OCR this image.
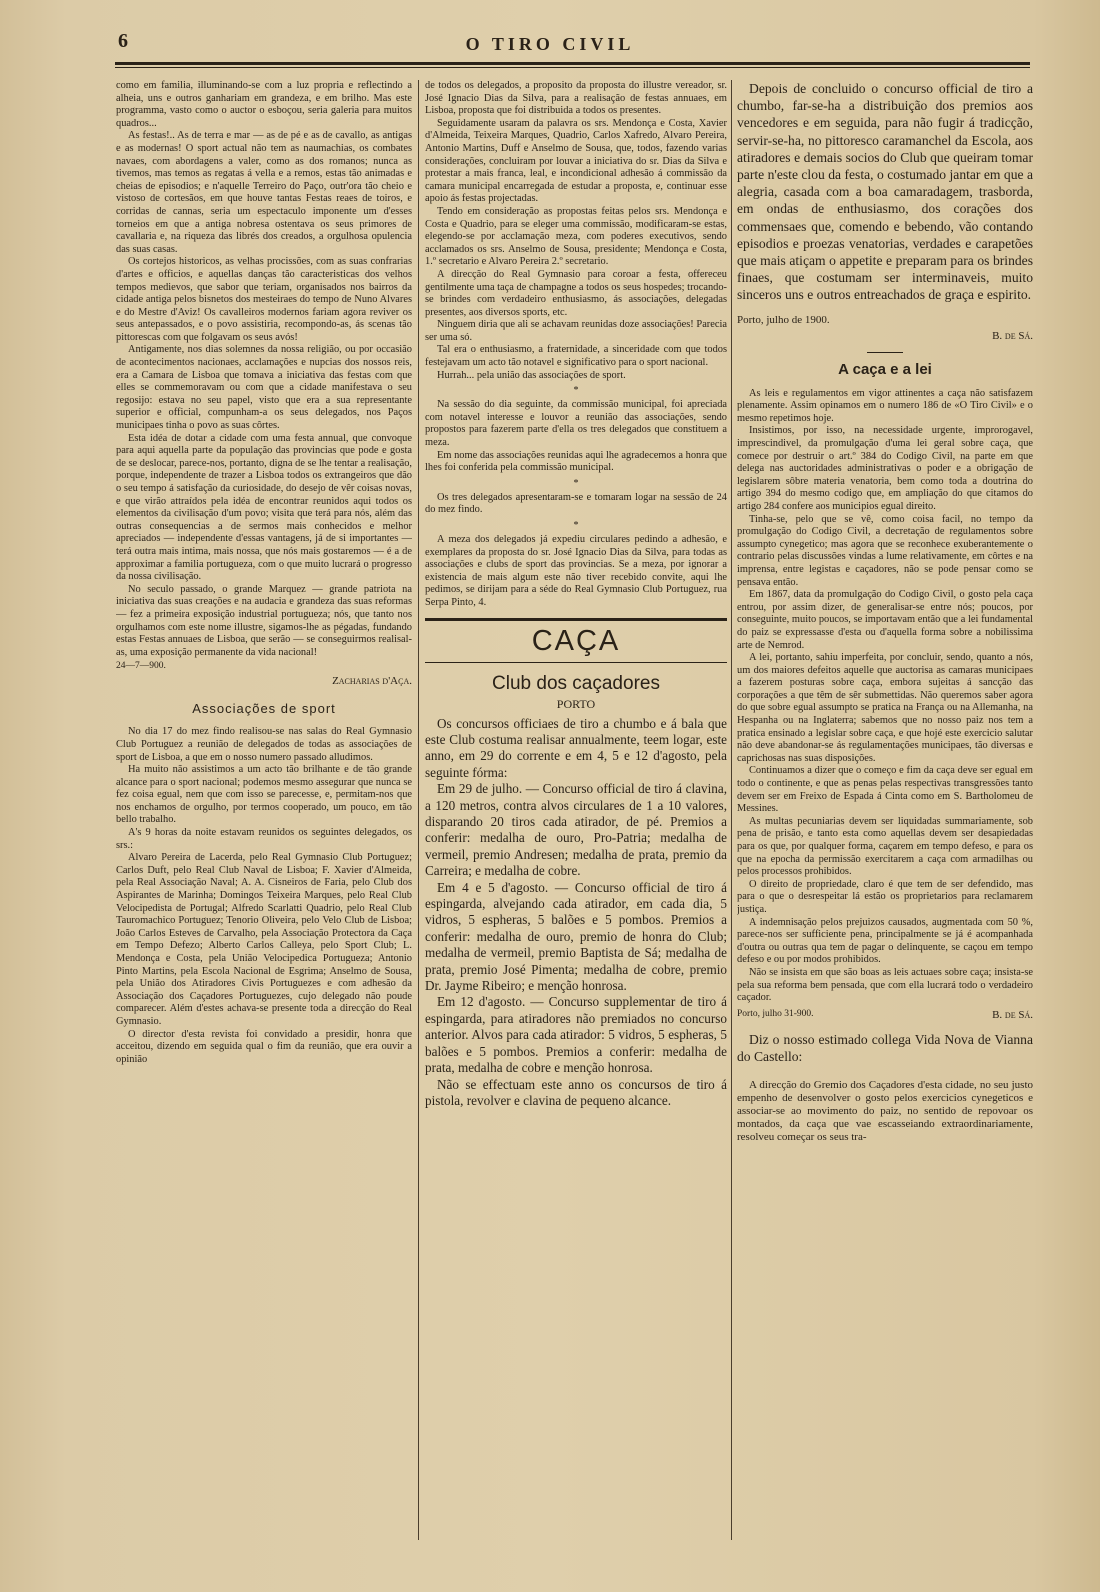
6	O TIRO CIVIL

como em familia, illuminando-se com a luz propria e reflectindo a alheia, uns e outros ganhariam em grandeza, e em brilho. Mas este programma, vasto como o auctor o esboçou, seria galeria para muitos quadros...

As festas!.. As de terra e mar — as de pé e as de cavallo, as antigas e as modernas! O sport actual não tem as naumachias, os combates navaes, com abordagens a valer, como as dos romanos; nunca as tivemos, mas temos as regatas á vella e a remos, estas tão animadas e cheias de episodios; e n'aquelle Terreiro do Paço, outr'ora tão cheio e vistoso de cortesãos, em que houve tantas Festas reaes de toiros, e corridas de cannas, seria um espectaculo imponente um d'esses torneios em que a antiga nobresa ostentava os seus primores de cavallaria e, na riqueza das librés dos creados, a orgulhosa opulencia das suas casas.

Os cortejos historicos, as velhas procissões, com as suas confrarias d'artes e officios, e aquellas danças tão caracteristicas dos velhos tempos medievos, que sabor que teriam, organisados nos bairros da cidade antiga pelos bisnetos dos mesteiraes do tempo de Nuno Alvares e do Mestre d'Aviz! Os cavalleiros modernos fariam agora reviver os seus antepassados, e o povo assistiria, recompondo-as, ás scenas tão pittorescas com que folgavam os seus avós!

Antigamente, nos dias solemnes da nossa religião, ou por occasião de acontecimentos nacionaes, acclamações e nupcias dos nossos reis, era a Camara de Lisboa que tomava a iniciativa das festas com que elles se commemoravam ou com que a cidade manifestava o seu regosijo: estava no seu papel, visto que era a sua representante superior e official, compunham-a os seus delegados, nos Paços municipaes tinha o povo as suas côrtes.

Esta idéa de dotar a cidade com uma festa annual, que convoque para aqui aquella parte da população das provincias que pode e gosta de se deslocar, parece-nos, portanto, digna de se lhe tentar a realisação, porque, independente de trazer a Lisboa todos os extrangeiros que dão o seu tempo á satisfação da curiosidade, do desejo de vêr coisas novas, e que virão attraídos pela idéa de encontrar reunidos aqui todos os elementos da civilisação d'um povo; visita que terá para nós, além das outras consequencias a de sermos mais conhecidos e melhor apreciados — independente d'essas vantagens, já de si importantes — terá outra mais intima, mais nossa, que nós mais gostaremos — é a de approximar a familia portugueza, com o que muito lucrará o progresso da nossa civilisação.

No seculo passado, o grande Marquez — grande patriota na iniciativa das suas creações e na audacia e grandeza das suas reformas — fez a primeira exposição industrial portugueza; nós, que tanto nos orgulhamos com este nome illustre, sigamos-lhe as pégadas, fundando estas Festas annuaes de Lisboa, que serão — se conseguirmos realisal-as, uma exposição permanente da vida nacional!

24—7—900.
Zacharias d'Aça.
Associações de sport

No dia 17 do mez findo realisou-se nas salas do Real Gymnasio Club Portuguez a reunião de delegados de todas as associações de sport de Lisboa, a que em o nosso numero passado alludimos.

Ha muito não assistimos a um acto tão brilhante e de tão grande alcance para o sport nacional; podemos mesmo assegurar que nunca se fez coisa egual, nem que com isso se parecesse, e, permitam-nos que nos enchamos de orgulho, por termos cooperado, um pouco, em tão bello trabalho.

A's 9 horas da noite estavam reunidos os seguintes delegados, os srs.:

Alvaro Pereira de Lacerda, pelo Real Gymnasio Club Portuguez; Carlos Duft, pelo Real Club Naval de Lisboa; F. Xavier d'Almeida, pela Real Associação Naval; A. A. Cisneiros de Faria, pelo Club dos Aspirantes de Marinha; Domingos Teixeira Marques, pelo Real Club Velocipedista de Portugal; Alfredo Scarlatti Quadrio, pelo Real Club Tauromachico Portuguez; Tenorio Oliveira, pelo Velo Club de Lisboa; João Carlos Esteves de Carvalho, pela Associação Protectora da Caça em Tempo Defezo; Alberto Carlos Calleya, pelo Sport Club; L. Mendonça e Costa, pela União Velocipedica Portugueza; Antonio Pinto Martins, pela Escola Nacional de Esgrima; Anselmo de Sousa, pela União dos Atiradores Civis Portuguezes e com adhesão da Associação dos Caçadores Portuguezes, cujo delegado não poude comparecer. Além d'estes achava-se presente toda a direcção do Real Gymnasio.

O director d'esta revista foi convidado a presidir, honra que acceitou, dizendo em seguida qual o fim da reunião, que era ouvir a opinião

de todos os delegados, a proposito da proposta do illustre vereador, sr. José Ignacio Dias da Silva, para a realisação de festas annuaes, em Lisboa, proposta que foi distribuida a todos os presentes.

Seguidamente usaram da palavra os srs. Mendonça e Costa, Xavier d'Almeida, Teixeira Marques, Quadrio, Carlos Xafredo, Alvaro Pereira, Antonio Martins, Duff e Anselmo de Sousa, que, todos, fazendo varias considerações, concluiram por louvar a iniciativa do sr. Dias da Silva e protestar a mais franca, leal, e incondicional adhesão á commissão da camara municipal encarregada de estudar a proposta, e, continuar esse apoio ás festas projectadas.

Tendo em consideração as propostas feitas pelos srs. Mendonça e Costa e Quadrio, para se eleger uma commissão, modificaram-se estas, elegendo-se por acclamação meza, com poderes executivos, sendo acclamados os srs. Anselmo de Sousa, presidente; Mendonça e Costa, 1.º secretario e Alvaro Pereira 2.º secretario.

A direcção do Real Gymnasio para coroar a festa, offereceu gentilmente uma taça de champagne a todos os seus hospedes; trocando-se brindes com verdadeiro enthusiasmo, ás associações, delegadas presentes, aos diversos sports, etc.

Ninguem diria que ali se achavam reunidas doze associações! Parecia ser uma só.

Tal era o enthusiasmo, a fraternidade, a sinceridade com que todos festejavam um acto tão notavel e significativo para o sport nacional.

Hurrah... pela união das associações de sport.

*

Na sessão do dia seguinte, da commissão municipal, foi apreciada com notavel interesse e louvor a reunião das associações, sendo propostos para fazerem parte d'ella os tres delegados que constituem a meza.

Em nome das associações reunidas aqui lhe agradecemos a honra que lhes foi conferida pela commissão municipal.

*

Os tres delegados apresentaram-se e tomaram logar na sessão de 24 do mez findo.

*

A meza dos delegados já expediu circulares pedindo a adhesão, e exemplares da proposta do sr. José Ignacio Dias da Silva, para todas as associações e clubs de sport das provincias. Se a meza, por ignorar a existencia de mais algum este não tiver recebido convite, aqui lhe pedimos, se dirijam para a séde do Real Gymnasio Club Portuguez, rua Serpa Pinto, 4.

CAÇA
Club dos caçadores
PORTO

Os concursos officiaes de tiro a chumbo e á bala que este Club costuma realisar annualmente, teem logar, este anno, em 29 do corrente e em 4, 5 e 12 d'agosto, pela seguinte fórma:

Em 29 de julho. — Concurso official de tiro á clavina, a 120 metros, contra alvos circulares de 1 a 10 valores, disparando 20 tiros cada atirador, de pé. Premios a conferir: medalha de ouro, Pro-Patria; medalha de vermeil, premio Andresen; medalha de prata, premio da Carreira; e medalha de cobre.

Em 4 e 5 d'agosto. — Concurso official de tiro á espingarda, alvejando cada atirador, em cada dia, 5 vidros, 5 espheras, 5 balões e 5 pombos. Premios a conferir: medalha de ouro, premio de honra do Club; medalha de vermeil, premio Baptista de Sá; medalha de prata, premio José Pimenta; medalha de cobre, premio Dr. Jayme Ribeiro; e menção honrosa.

Em 12 d'agosto. — Concurso supplementar de tiro á espingarda, para atiradores não premiados no concurso anterior. Alvos para cada atirador: 5 vidros, 5 espheras, 5 balões e 5 pombos. Premios a conferir: medalha de prata, medalha de cobre e menção honrosa.

Não se effectuam este anno os concursos de tiro á pistola, revolver e clavina de pequeno alcance.

Depois de concluido o concurso official de tiro a chumbo, far-se-ha a distribuição dos premios aos vencedores e em seguida, para não fugir á tradicção, servir-se-ha, no pittoresco caramanchel da Escola, aos atiradores e demais socios do Club que queiram tomar parte n'este clou da festa, o costumado jantar em que a alegria, casada com a boa camaradagem, trasborda, em ondas de enthusiasmo, dos corações dos commensaes que, comendo e bebendo, vão contando episodios e proezas venatorias, verdades e carapetões que mais atiçam o appetite e preparam para os brindes finaes, que costumam ser interminaveis, muito sinceros uns e outros entreachados de graça e espirito.

Porto, julho de 1900.
B. de Sá.
A caça e a lei

As leis e regulamentos em vigor attinentes a caça não satisfazem plenamente. Assim opinamos em o numero 186 de «O Tiro Civil» e o mesmo repetimos hoje.

Insistimos, por isso, na necessidade urgente, improrogavel, imprescindivel, da promulgação d'uma lei geral sobre caça, que comece por destruir o art.º 384 do Codigo Civil, na parte em que delega nas auctoridades administrativas o poder e a obrigação de legislarem sôbre materia venatoria, bem como toda a doutrina do artigo 394 do mesmo codigo que, em ampliação do que citamos do artigo 284 confere aos municipios egual direito.

Tinha-se, pelo que se vê, como coisa facil, no tempo da promulgação do Codigo Civil, a decretação de regulamentos sobre assumpto cynegetico; mas agora que se reconhece exuberantemente o contrario pelas discussões vindas a lume relativamente, em côrtes e na imprensa, entre legistas e caçadores, não se pode pensar como se pensava então.

Em 1867, data da promulgação do Codigo Civil, o gosto pela caça entrou, por assim dizer, de generalisar-se entre nós; poucos, por conseguinte, muito poucos, se importavam então que a lei fundamental do paiz se expressasse d'esta ou d'aquella forma sobre a nobilissima arte de Nemrod.

A lei, portanto, sahiu imperfeita, por concluir, sendo, quanto a nós, um dos maiores defeitos aquelle que auctorisa as camaras municipaes a fazerem posturas sobre caça, embora sujeitas á sancção das corporações a que têm de sêr submettidas. Não queremos saber agora do que sobre egual assumpto se pratica na França ou na Allemanha, na Hespanha ou na Inglaterra; sabemos que no nosso paiz nos tem a pratica ensinado a legislar sobre caça, e que hojé este exercicio salutar não deve abandonar-se ás regulamentações municipaes, tão diversas e caprichosas nas suas disposições.

Continuamos a dizer que o começo e fim da caça deve ser egual em todo o continente, e que as penas pelas respectivas transgressões tanto devem ser em Freixo de Espada á Cinta como em S. Bartholomeu de Messines.

As multas pecuniarias devem ser liquidadas summariamente, sob pena de prisão, e tanto esta como aquellas devem ser desapiedadas para os que, por qualquer forma, caçarem em tempo defeso, e para os que na epocha da permissão exercitarem a caça com armadilhas ou pelos processos prohibidos.

O direito de propriedade, claro é que tem de ser defendido, mas para o que o desrespeitar lá estão os proprietarios para reclamarem justiça.

A indemnisação pelos prejuizos causados, augmentada com 50 %, parece-nos ser sufficiente pena, principalmente se já é acompanhada d'outra ou outras qua tem de pagar o delinquente, se caçou em tempo defeso e ou por modos prohibidos.

Não se insista em que são boas as leis actuaes sobre caça; insista-se pela sua reforma bem pensada, que com ella lucrará todo o verdadeiro caçador.

Porto, julho 31-900.	B. de Sá.

Diz o nosso estimado collega Vida Nova de Vianna do Castello:

A direcção do Gremio dos Caçadores d'esta cidade, no seu justo empenho de desenvolver o gosto pelos exercicios cynegeticos e associar-se ao movimento do paiz, no sentido de repovoar os montados, da caça que vae escasseiando extraordinariamente, resolveu começar os seus tra-
